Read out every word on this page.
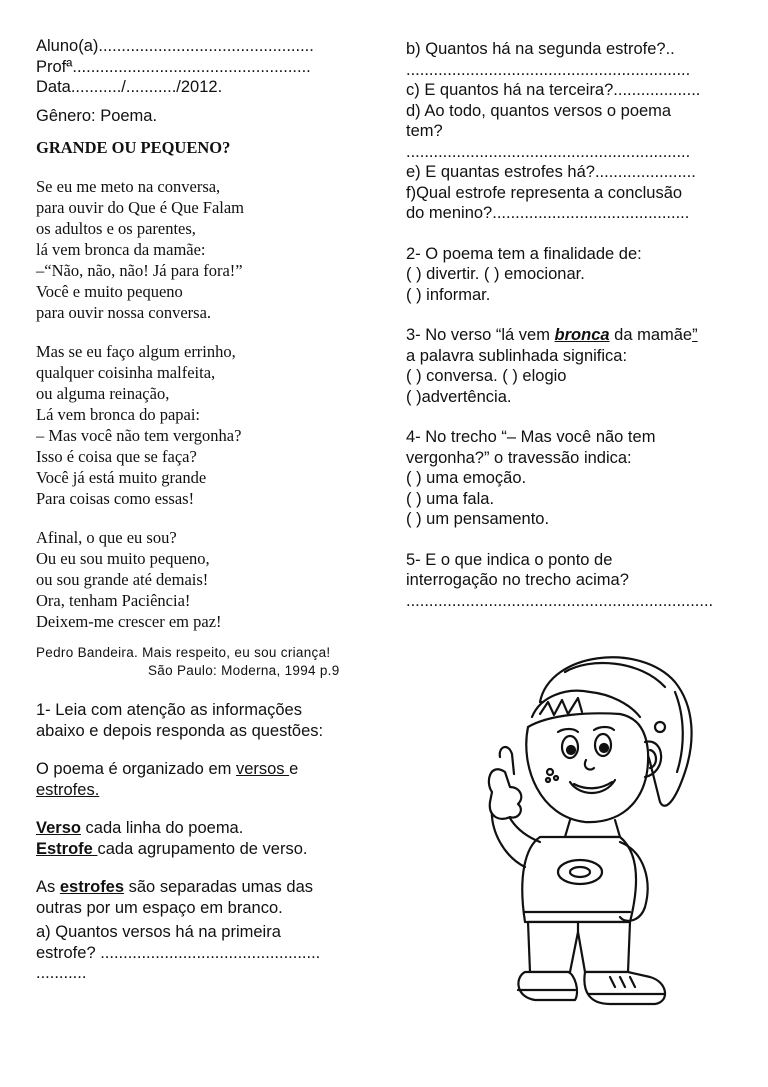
Aluno(a)...............................................
Profª....................................................
Data.........../.........../2012.
Gênero: Poema.
GRANDE OU PEQUENO?
Se eu me meto na conversa,
para ouvir do Que é Que Falam
os adultos e os parentes,
lá vem bronca da mamãe:
–“Não, não, não! Já para fora!”
Você e muito pequeno
para ouvir nossa conversa.
Mas se eu faço algum errinho,
qualquer coisinha malfeita,
ou alguma reinação,
Lá vem bronca do papai:
– Mas você não tem vergonha?
Isso é coisa que se faça?
Você já está muito grande
Para coisas como essas!
Afinal, o que eu sou?
Ou eu sou muito pequeno,
ou sou grande até demais!
Ora, tenham Paciência!
Deixem-me crescer em paz!
Pedro Bandeira. Mais respeito, eu sou criança!
São Paulo: Moderna, 1994 p.9
1- Leia com atenção as informações
abaixo e depois responda as questões:
O poema é organizado em versos e
estrofes.
Verso cada linha do poema.
Estrofe cada agrupamento de verso.
As estrofes são separadas umas das
outras por um espaço em branco.
a) Quantos versos há na primeira
estrofe? ................................................
...........
b) Quantos há na segunda estrofe?..
..............................................................
c) E quantos há na terceira?...................
d) Ao todo, quantos versos o poema
tem?
..............................................................
e) E quantas estrofes há?......................
f)Qual estrofe representa a conclusão
do menino?...........................................
2- O poema tem a finalidade de:
( ) divertir. ( ) emocionar.
( ) informar.
3- No verso “lá vem bronca da mamãe”
a palavra sublinhada significa:
( ) conversa. ( ) elogio
( )advertência.
4- No trecho “– Mas você não tem
vergonha?” o travessão indica:
( ) uma emoção.
( ) uma fala.
( ) um pensamento.
5- E o que indica o ponto de
interrogação no trecho acima?
...................................................................
